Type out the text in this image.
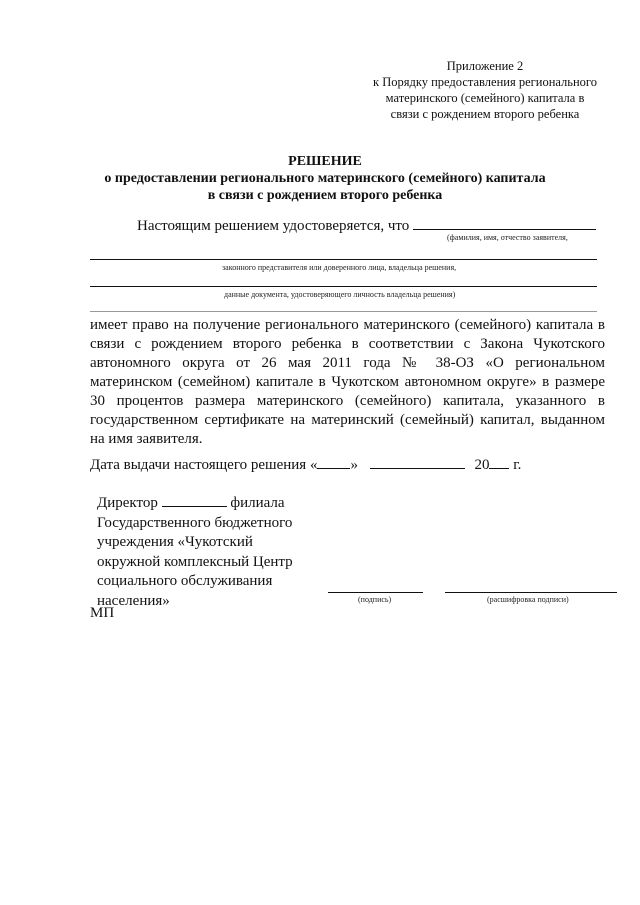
Приложение 2
к Порядку предоставления регионального
материнского (семейного) капитала в
связи с рождением второго ребенка
РЕШЕНИЕ
о предоставлении регионального материнского (семейного) капитала
в связи с рождением второго ребенка
Настоящим решением удостоверяется, что
(фамилия, имя, отчество заявителя,
законного представителя или доверенного лица, владельца решения,
данные документа, удостоверяющего личность владельца решения)
имеет право на получение регионального материнского (семейного) капитала в связи с рождением второго ребенка в соответствии с Закона Чукотского автономного округа от 26 мая 2011 года № 38-ОЗ «О региональном материнском (семейном) капитале в Чукотском автономном округе» в размере 30 процентов размера материнского (семейного) капитала, указанного в государственном сертификате на материнский (семейный) капитал, выданном на имя заявителя.
Дата выдачи настоящего решения « »	20 г.
Директор	филиала
Государственного бюджетного
учреждения «Чукотский
окружной комплексный Центр
социального обслуживания
населения»	(подпись)	(расшифровка подписи)
МП
